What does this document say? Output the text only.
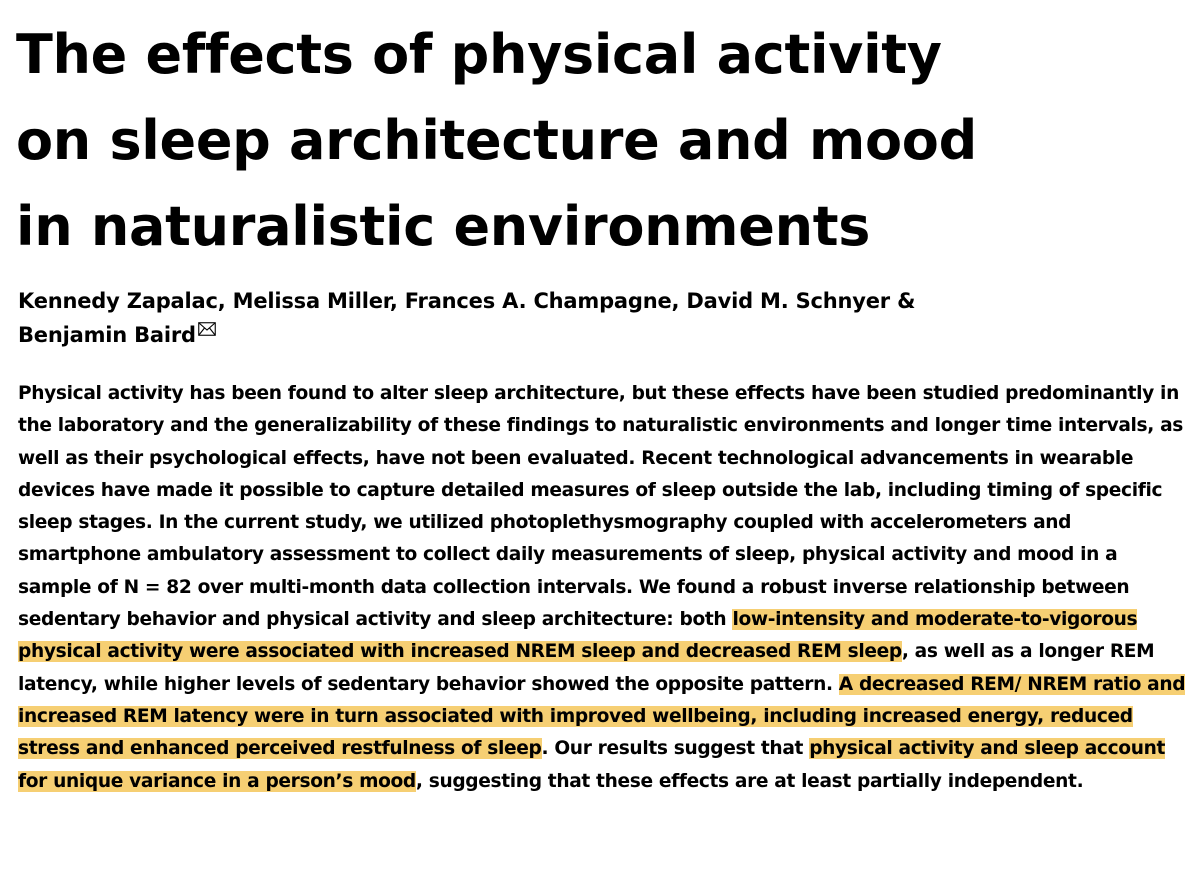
The effects of physical activity
on sleep architecture and mood
in naturalistic environments

Kennedy Zapalac, Melissa Miller, Frances A. Champagne, David M. Schnyer &
Benjamin Baird

Physical activity has been found to alter sleep architecture, but these effects have been studied predominantly in the laboratory and the generalizability of these findings to naturalistic environments and longer time intervals, as well as their psychological effects, have not been evaluated. Recent technological advancements in wearable devices have made it possible to capture detailed measures of sleep outside the lab, including timing of specific sleep stages. In the current study, we utilized photoplethysmography coupled with accelerometers and smartphone ambulatory assessment to collect daily measurements of sleep, physical activity and mood in a sample of N = 82 over multi-month data collection intervals. We found a robust inverse relationship between sedentary behavior and physical activity and sleep architecture: both low-intensity and moderate-to-vigorous physical activity were associated with increased NREM sleep and decreased REM sleep, as well as a longer REM latency, while higher levels of sedentary behavior showed the opposite pattern. A decreased REM/ NREM ratio and increased REM latency were in turn associated with improved wellbeing, including increased energy, reduced stress and enhanced perceived restfulness of sleep. Our results suggest that physical activity and sleep account for unique variance in a person’s mood, suggesting that these effects are at least partially independent.
